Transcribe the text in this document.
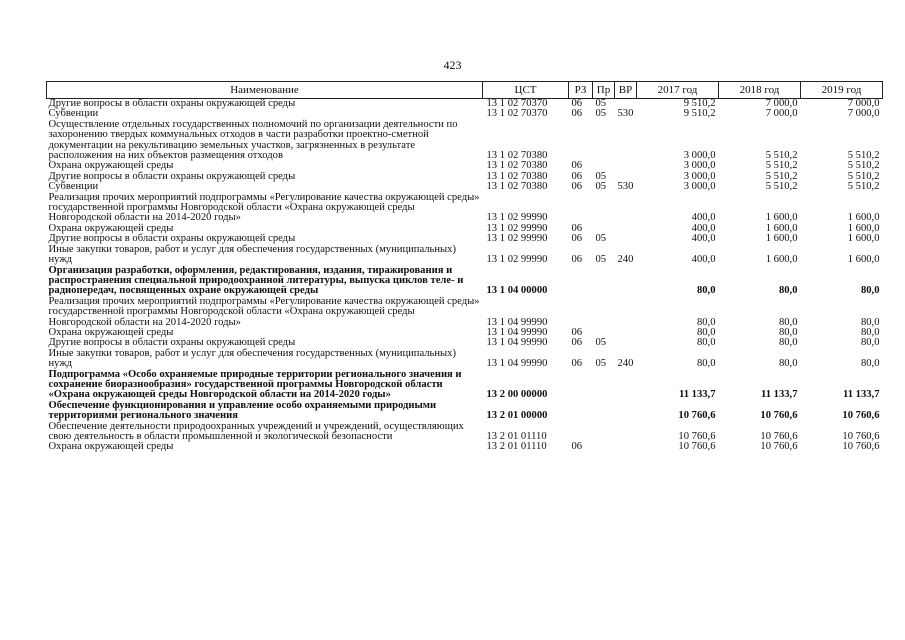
423
Наименование	ЦСТ	РЗ	Пр	ВР	2017 год	2018 год	2019 год
Другие вопросы в области охраны окружающей среды	13 1 02 70370	06	05		9 510,2	7 000,0	7 000,0
Субвенции	13 1 02 70370	06	05	530	9 510,2	7 000,0	7 000,0
Осуществление отдельных государственных полномочий по организации деятельности по захоронению твердых коммунальных отходов в части разработки проектно-сметной документации на рекультивацию земельных участков, загрязненных в результате расположения на них объектов размещения отходов	13 1 02 70380				3 000,0	5 510,2	5 510,2
Охрана окружающей среды	13 1 02 70380	06			3 000,0	5 510,2	5 510,2
Другие вопросы в области охраны окружающей среды	13 1 02 70380	06	05		3 000,0	5 510,2	5 510,2
Субвенции	13 1 02 70380	06	05	530	3 000,0	5 510,2	5 510,2
Реализация прочих мероприятий подпрограммы «Регулирование качества окружающей среды» государственной программы Новгородской области «Охрана окружающей среды Новгородской области на 2014-2020 годы»	13 1 02 99990				400,0	1 600,0	1 600,0
Охрана окружающей среды	13 1 02 99990	06			400,0	1 600,0	1 600,0
Другие вопросы в области охраны окружающей среды	13 1 02 99990	06	05		400,0	1 600,0	1 600,0
Иные закупки товаров, работ и услуг для обеспечения государственных (муниципальных) нужд	13 1 02 99990	06	05	240	400,0	1 600,0	1 600,0
Организация разработки, оформления, редактирования, издания, тиражирования и распространения специальной природоохранной литературы, выпуска циклов теле- и радиопередач, посвященных охране окружающей среды	13 1 04 00000				80,0	80,0	80,0
Реализация прочих мероприятий подпрограммы «Регулирование качества окружающей среды» государственной программы Новгородской области «Охрана окружающей среды Новгородской области на 2014-2020 годы»	13 1 04 99990				80,0	80,0	80,0
Охрана окружающей среды	13 1 04 99990	06			80,0	80,0	80,0
Другие вопросы в области охраны окружающей среды	13 1 04 99990	06	05		80,0	80,0	80,0
Иные закупки товаров, работ и услуг для обеспечения государственных (муниципальных) нужд	13 1 04 99990	06	05	240	80,0	80,0	80,0
Подпрограмма «Особо охраняемые природные территории регионального значения и сохранение биоразнообразия» государственной программы Новгородской области «Охрана окружающей среды Новгородской области на 2014-2020 годы»	13 2 00 00000				11 133,7	11 133,7	11 133,7
Обеспечение функционирования и управление особо охраняемыми природными территориями регионального значения	13 2 01 00000				10 760,6	10 760,6	10 760,6
Обеспечение деятельности природоохранных учреждений и учреждений, осуществляющих свою деятельность в области промышленной и экологической безопасности	13 2 01 01110				10 760,6	10 760,6	10 760,6
Охрана окружающей среды	13 2 01 01110	06			10 760,6	10 760,6	10 760,6
